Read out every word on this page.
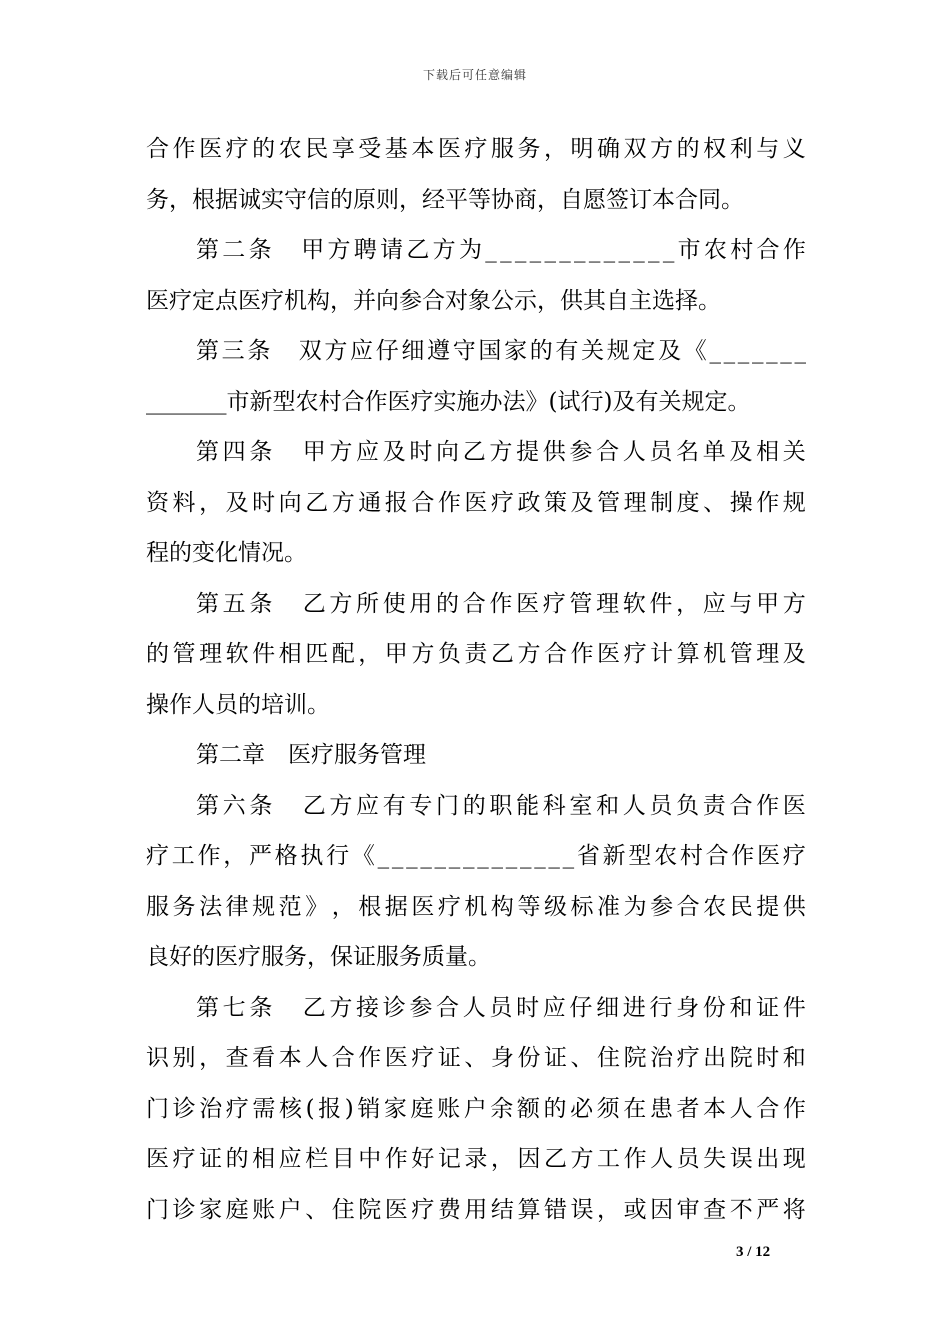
下载后可任意编辑
合 作 医 疗 的 农 民 享 受 基 本 医 疗 服 务 ， 明 确 双 方 的 权 利 与 义
务，根据诚实守信的原则，经平等协商，自愿签订本合同。
第 二 条
　 甲 方 聘 请 乙 方 为 _ _ _ _ _ _ _ _ _ _ _ _ _ 市 农 村 合 作
医疗定点医疗机构，并向参合对象公示，供其自主选择。
第 三 条
　 双 方 应 仔 细 遵 守 国 家 的 有 关 规 定 及 《 _ _ _ _ _ _ _
_______市新型农村合作医疗实施办法》(试行)及有关规定。
第 四 条
　 甲 方 应 及 时 向 乙 方 提 供 参 合 人 员 名 单 及 相 关
资 料 ， 及 时 向 乙 方 通 报 合 作 医 疗 政 策 及 管 理 制 度 、 操 作 规
程的变化情况。
第 五 条
　 乙 方 所 使 用 的 合 作 医 疗 管 理 软 件 ， 应 与 甲 方
的 管 理 软 件 相 匹 配 ， 甲 方 负 责 乙 方 合 作 医 疗 计 算 机 管 理 及
操作人员的培训。
第二章　医疗服务管理
第 六 条
　 乙 方 应 有 专 门 的 职 能 科 室 和 人 员 负 责 合 作 医
疗 工 作 ， 严 格 执 行 《 _ _ _ _ _ _ _ _ _ _ _ _ _ _ 省 新 型 农 村 合 作 医 疗
服 务 法 律 规 范 》 ， 根 据 医 疗 机 构 等 级 标 准 为 参 合 农 民 提 供
良好的医疗服务，保证服务质量。
第 七 条
　 乙 方 接 诊 参 合 人 员 时 应 仔 细 进 行 身 份 和 证 件
识 别 ， 查 看 本 人 合 作 医 疗 证 、 身 份 证 、 住 院 治 疗 出 院 时 和
门 诊 治 疗 需 核 ( 报 ) 销 家 庭 账 户 余 额 的 必 须 在 患 者 本 人 合 作
医 疗 证 的 相 应 栏 目 中 作 好 记 录 ， 因 乙 方 工 作 人 员 失 误 出 现
门 诊 家 庭 账 户 、 住 院 医 疗 费 用 结 算 错 误 ， 或 因 审 查 不 严 将
3 / 12
